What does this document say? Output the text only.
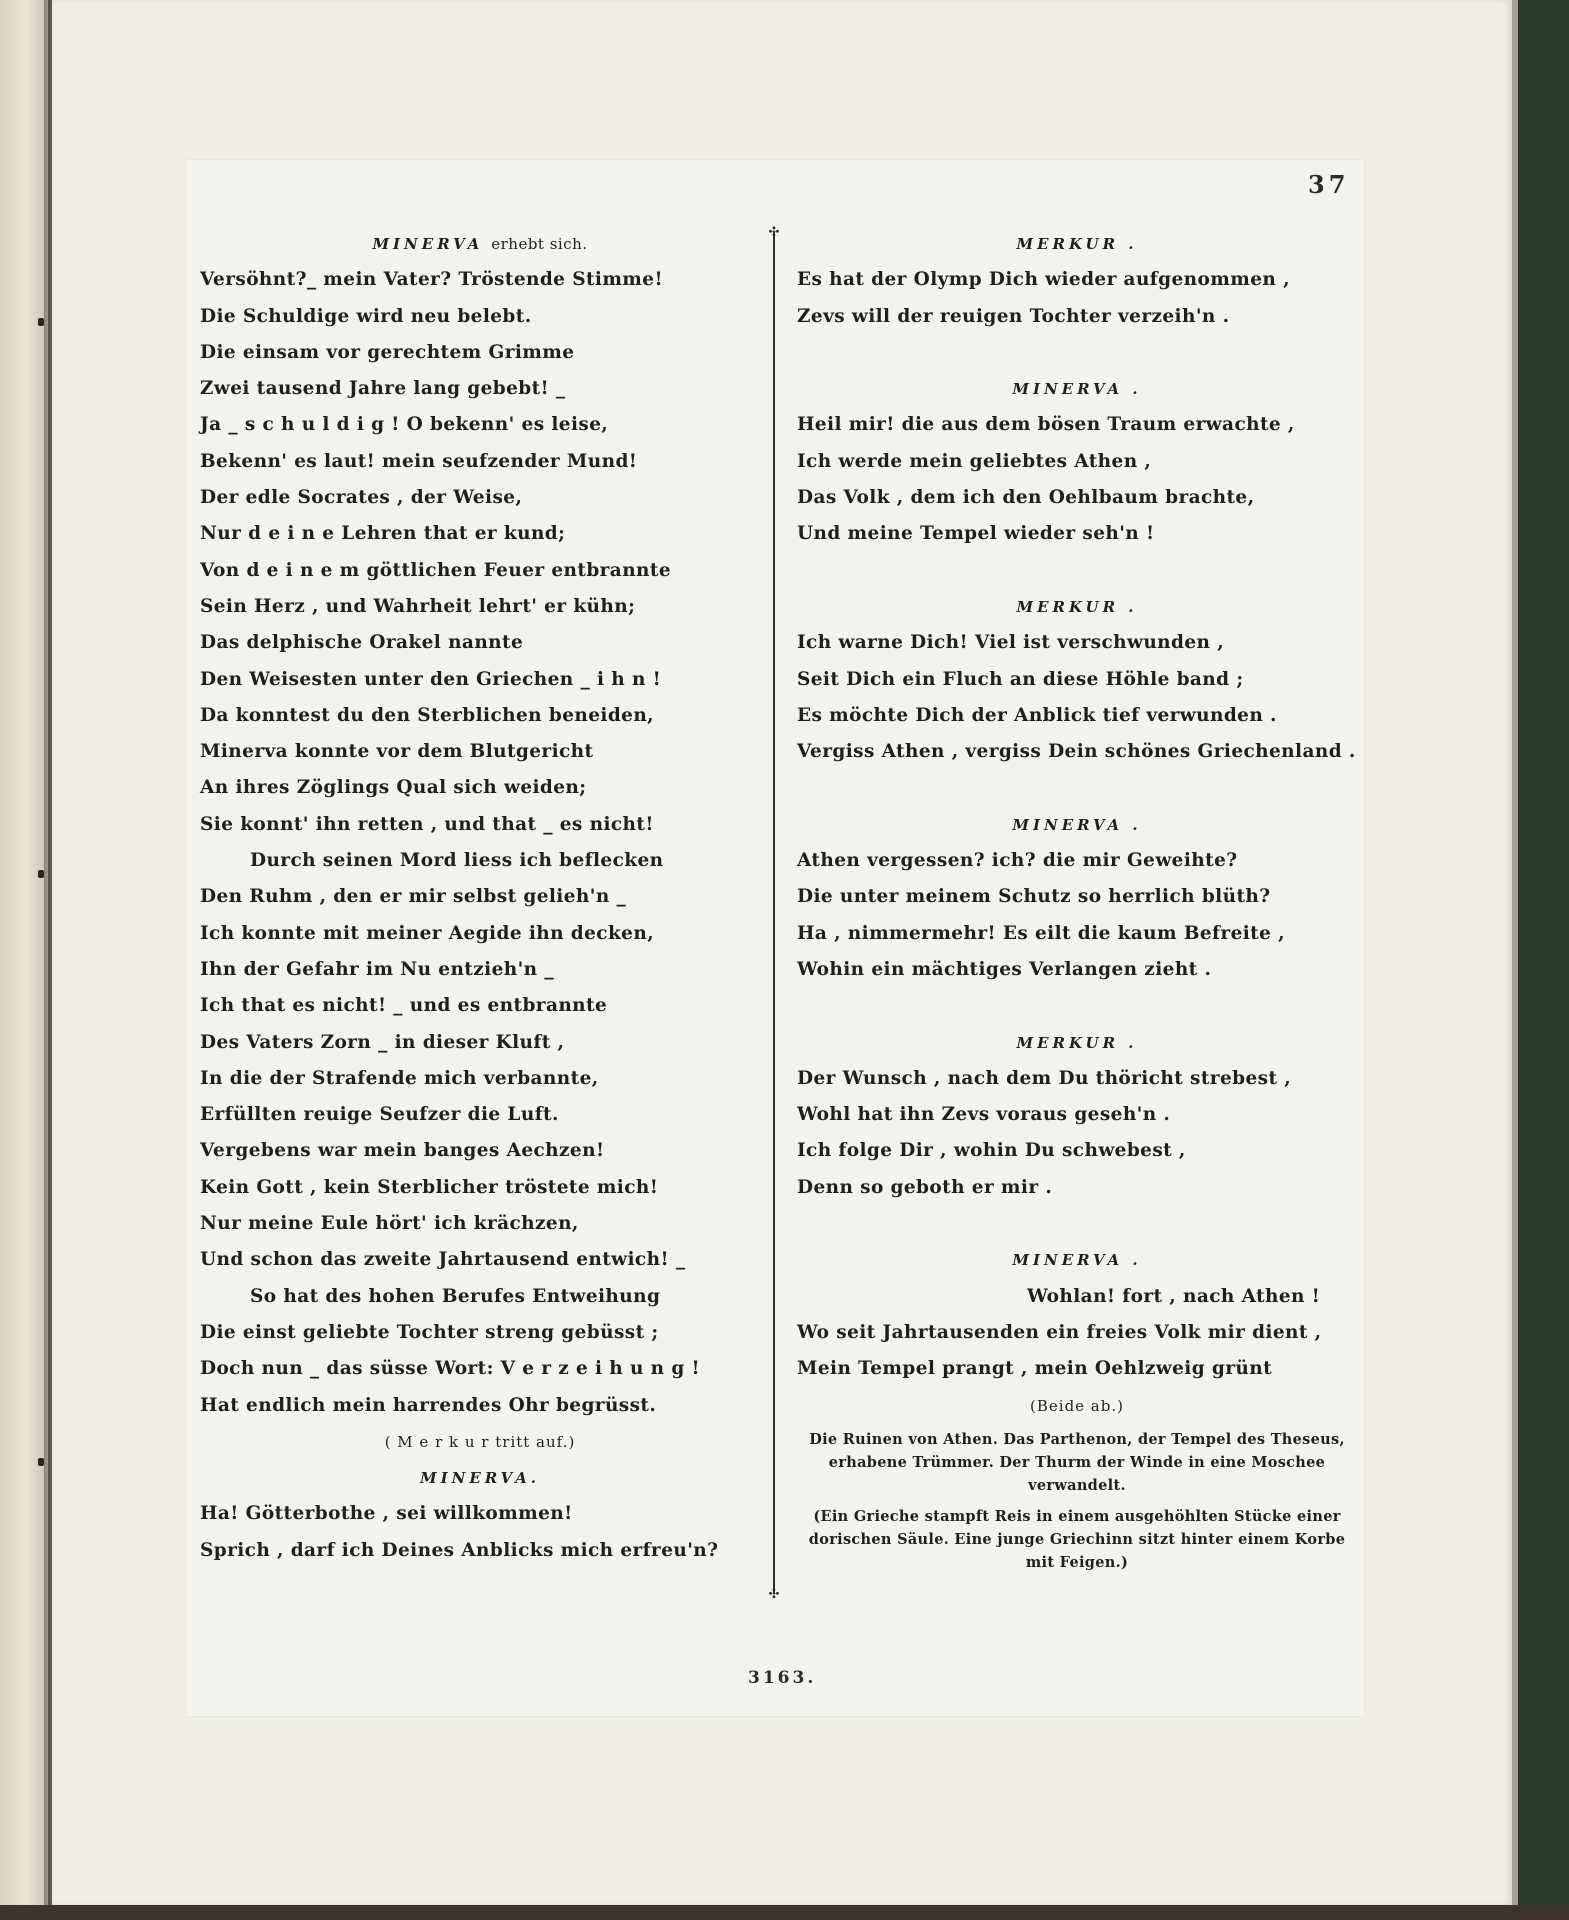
37
MINERVA erhebt sich.
Versöhnt?_ mein Vater? Tröstende Stimme!
Die Schuldige wird neu belebt.
Die einsam vor gerechtem Grimme
Zwei tausend Jahre lang gebebt! _
Ja _ s c h u l d i g ! O bekenn' es leise,
Bekenn' es laut! mein seufzender Mund!
Der edle Socrates , der Weise,
Nur d e i n e Lehren that er kund;
Von d e i n e m göttlichen Feuer entbrannte
Sein Herz , und Wahrheit lehrt' er kühn;
Das delphische Orakel nannte
Den Weisesten unter den Griechen _ i h n !
Da konntest du den Sterblichen beneiden,
Minerva konnte vor dem Blutgericht
An ihres Zöglings Qual sich weiden;
Sie konnt' ihn retten , und that _ es nicht!
Durch seinen Mord liess ich beflecken
Den Ruhm , den er mir selbst gelieh'n _
Ich konnte mit meiner Aegide ihn decken,
Ihn der Gefahr im Nu entzieh'n _
Ich that es nicht! _ und es entbrannte
Des Vaters Zorn _ in dieser Kluft ,
In die der Strafende mich verbannte,
Erfüllten reuige Seufzer die Luft.
Vergebens war mein banges Aechzen!
Kein Gott , kein Sterblicher tröstete mich!
Nur meine Eule hört' ich krächzen,
Und schon das zweite Jahrtausend entwich! _
So hat des hohen Berufes Entweihung
Die einst geliebte Tochter streng gebüsst ;
Doch nun _ das süsse Wort: V e r z e i h u n g !
Hat endlich mein harrendes Ohr begrüsst.
( M e r k u r tritt auf.)
MINERVA.
Ha! Götterbothe , sei willkommen!
Sprich , darf ich Deines Anblicks mich erfreu'n?
✣
✣
MERKUR .
Es hat der Olymp Dich wieder aufgenommen ,
Zevs will der reuigen Tochter verzeih'n .
MINERVA .
Heil mir! die aus dem bösen Traum erwachte ,
Ich werde mein geliebtes Athen ,
Das Volk , dem ich den Oehlbaum brachte,
Und meine Tempel wieder seh'n !
MERKUR .
Ich warne Dich! Viel ist verschwunden ,
Seit Dich ein Fluch an diese Höhle band ;
Es möchte Dich der Anblick tief verwunden .
Vergiss Athen , vergiss Dein schönes Griechenland .
MINERVA .
Athen vergessen? ich? die mir Geweihte?
Die unter meinem Schutz so herrlich blüth?
Ha , nimmermehr! Es eilt die kaum Befreite ,
Wohin ein mächtiges Verlangen zieht .
MERKUR .
Der Wunsch , nach dem Du thöricht strebest ,
Wohl hat ihn Zevs voraus geseh'n .
Ich folge Dir , wohin Du schwebest ,
Denn so geboth er mir .
MINERVA .
Wohlan! fort , nach Athen !
Wo seit Jahrtausenden ein freies Volk mir dient ,
Mein Tempel prangt , mein Oehlzweig grünt
(Beide ab.)
Die Ruinen von Athen. Das Parthenon, der Tempel des Theseus, erhabene Trümmer. Der Thurm der Winde in eine Moschee verwandelt.
(Ein Grieche stampft Reis in einem ausgehöhlten Stücke einer dorischen Säule. Eine junge Griechinn sitzt hinter einem Korbe mit Feigen.)
3163.
